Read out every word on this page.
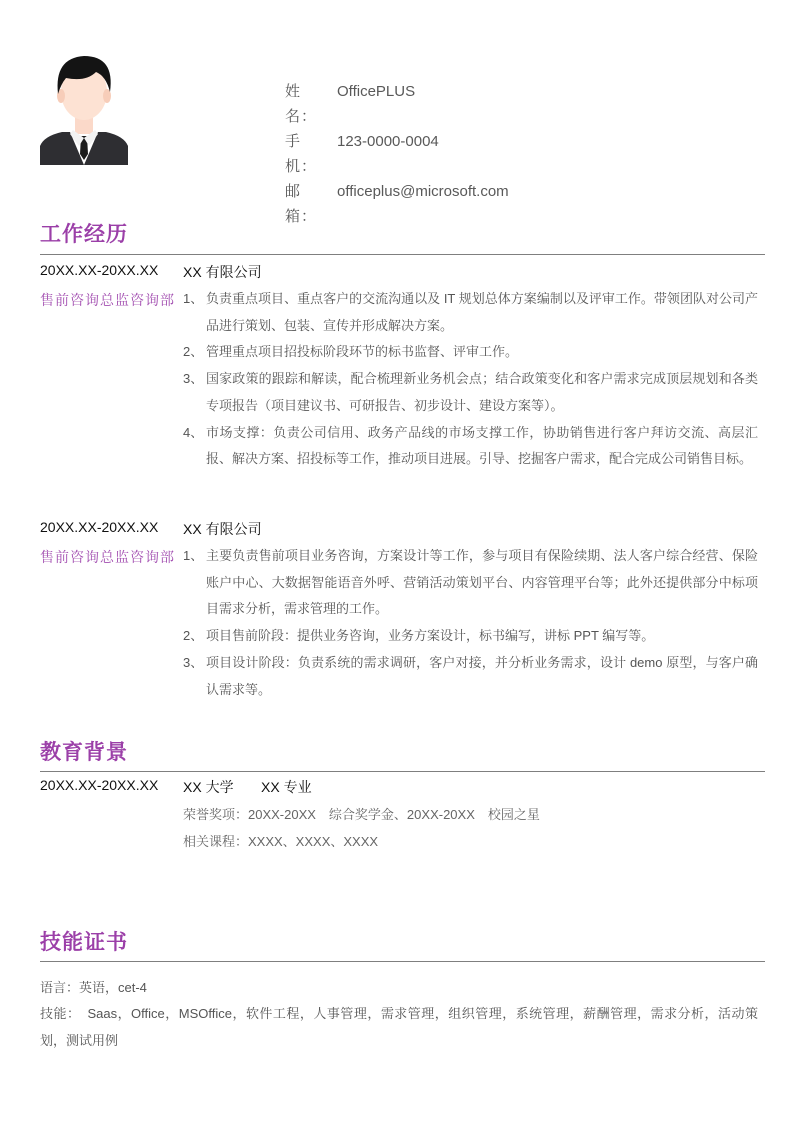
姓　名：
OfficePLUS
手　机：
123-0000-0004
邮　箱：
officeplus@microsoft.com
工作经历
20XX.XX-20XX.XX XX 有限公司
售前咨询总监咨询部 1、 负责重点项目、重点客户的交流沟通以及 IT 规划总体方案编制以及评审工作。带领团队对公司产品进行策划、包装、宣传并形成解决方案。
2、 管理重点项目招投标阶段环节的标书监督、评审工作。
3、 国家政策的跟踪和解读，配合梳理新业务机会点；结合政策变化和客户需求完成顶层规划和各类专项报告（项目建议书、可研报告、初步设计、建设方案等）。
4、 市场支撑：负责公司信用、政务产品线的市场支撑工作，协助销售进行客户拜访交流、高层汇报、解决方案、招投标等工作，推动项目进展。引导、挖掘客户需求，配合完成公司销售目标。
20XX.XX-20XX.XX XX 有限公司
售前咨询总监咨询部 1、 主要负责售前项目业务咨询，方案设计等工作，参与项目有保险续期、法人客户综合经营、保险账户中心、大数据智能语音外呼、营销活动策划平台、内容管理平台等；此外还提供部分中标项目需求分析，需求管理的工作。
2、 项目售前阶段：提供业务咨询，业务方案设计，标书编写，讲标 PPT 编写等。
3、 项目设计阶段：负责系统的需求调研，客户对接，并分析业务需求，设计 demo 原型，与客户确认需求等。
教育背景
20XX.XX-20XX.XX XX 大学 XX 专业
荣誉奖项：20XX-20XX　综合奖学金、20XX-20XX　校园之星
相关课程：XXXX、XXXX、XXXX
技能证书
语言：英语，cet-4
技能：　Saas，Office，MSOffice，软件工程，人事管理，需求管理，组织管理，系统管理，薪酬管理，需求分析，活动策划，测试用例
